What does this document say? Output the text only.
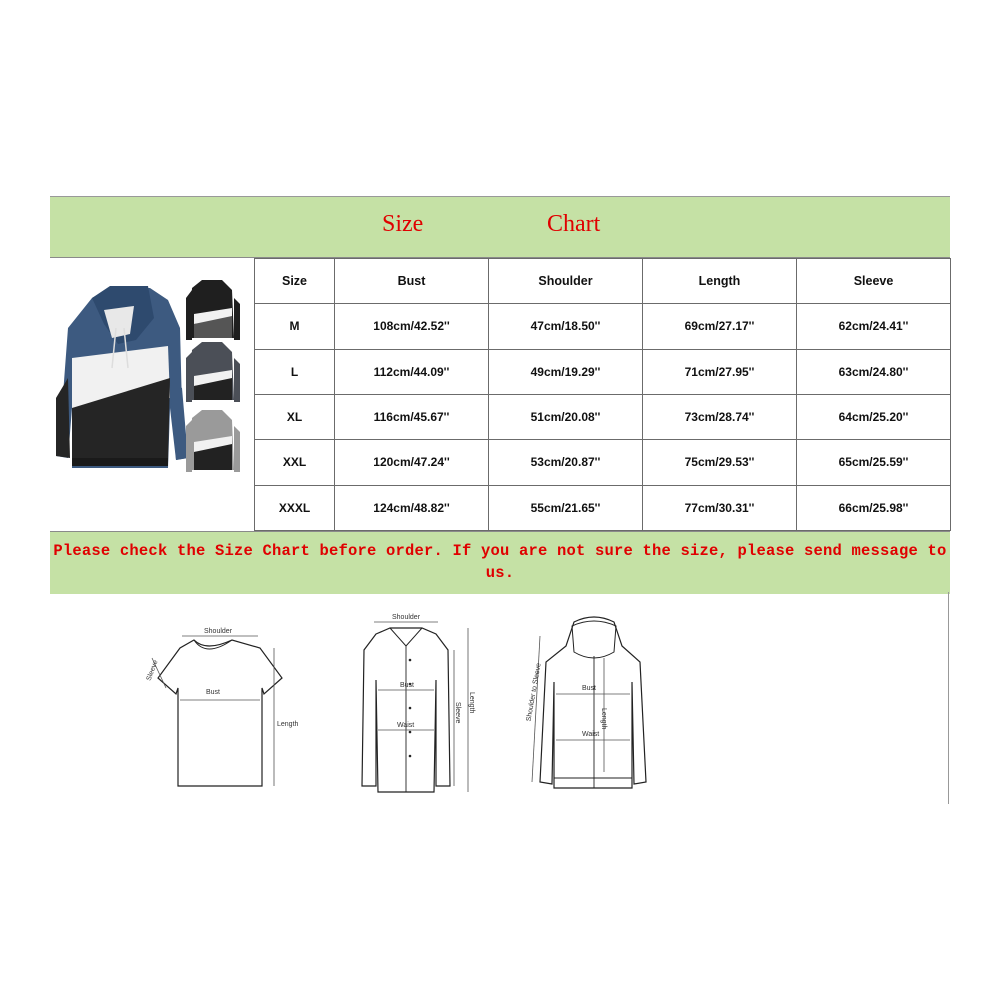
Size	Chart
Size	Bust	Shoulder	Length	Sleeve
M	108cm/42.52''	47cm/18.50''	69cm/27.17''	62cm/24.41''
L	112cm/44.09''	49cm/19.29''	71cm/27.95''	63cm/24.80''
XL	116cm/45.67''	51cm/20.08''	73cm/28.74''	64cm/25.20''
XXL	120cm/47.24''	53cm/20.87''	75cm/29.53''	65cm/25.59''
XXXL	124cm/48.82''	55cm/21.65''	77cm/30.31''	66cm/25.98''
Please check the Size Chart before order. If you are not sure the size, please send message to us.
Shoulder
Bust
Sleeve
Length
Shoulder
Bust
Waist
Sleeve Length	Shoulder to Sleeve	Bust
Length
Waist
